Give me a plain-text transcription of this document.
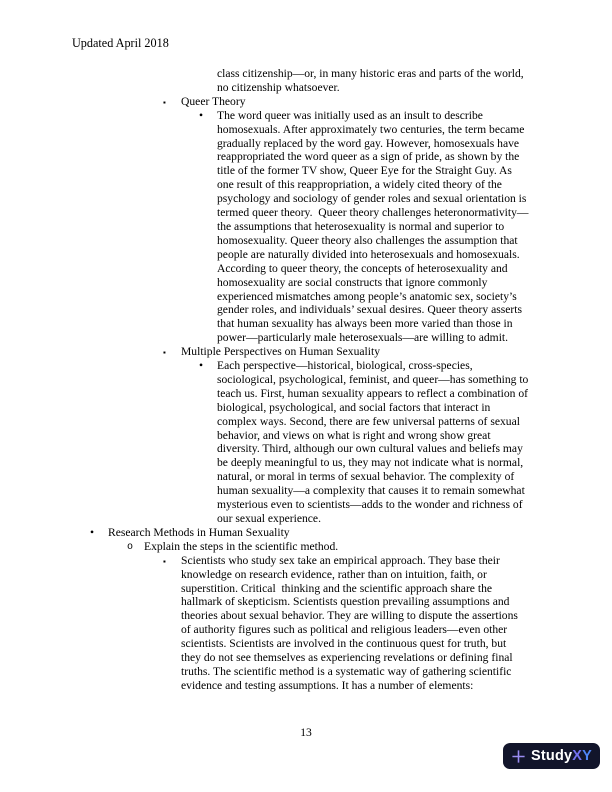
Updated April 2018
class citizenship—or, in many historic eras and parts of the world,
no citizenship whatsoever.
▪ Queer Theory
• The word queer was initially used as an insult to describe
homosexuals. After approximately two centuries, the term became
gradually replaced by the word gay. However, homosexuals have
reappropriated the word queer as a sign of pride, as shown by the
title of the former TV show, Queer Eye for the Straight Guy. As
one result of this reappropriation, a widely cited theory of the
psychology and sociology of gender roles and sexual orientation is
termed queer theory.  Queer theory challenges heteronormativity—
the assumptions that heterosexuality is normal and superior to
homosexuality. Queer theory also challenges the assumption that
people are naturally divided into heterosexuals and homosexuals.
According to queer theory, the concepts of heterosexuality and
homosexuality are social constructs that ignore commonly
experienced mismatches among people’s anatomic sex, society’s
gender roles, and individuals’ sexual desires. Queer theory asserts
that human sexuality has always been more varied than those in
power—particularly male heterosexuals—are willing to admit.
▪ Multiple Perspectives on Human Sexuality
• Each perspective—historical, biological, cross-species,
sociological, psychological, feminist, and queer—has something to
teach us. First, human sexuality appears to reflect a combination of
biological, psychological, and social factors that interact in
complex ways. Second, there are few universal patterns of sexual
behavior, and views on what is right and wrong show great
diversity. Third, although our own cultural values and beliefs may
be deeply meaningful to us, they may not indicate what is normal,
natural, or moral in terms of sexual behavior. The complexity of
human sexuality—a complexity that causes it to remain somewhat
mysterious even to scientists—adds to the wonder and richness of
our sexual experience.
• Research Methods in Human Sexuality
o Explain the steps in the scientific method.
▪ Scientists who study sex take an empirical approach. They base their
knowledge on research evidence, rather than on intuition, faith, or
superstition. Critical  thinking and the scientific approach share the
hallmark of skepticism. Scientists question prevailing assumptions and
theories about sexual behavior. They are willing to dispute the assertions
of authority figures such as political and religious leaders—even other
scientists. Scientists are involved in the continuous quest for truth, but
they do not see themselves as experiencing revelations or defining final
truths. The scientific method is a systematic way of gathering scientific
evidence and testing assumptions. It has a number of elements:
13
StudyXY
